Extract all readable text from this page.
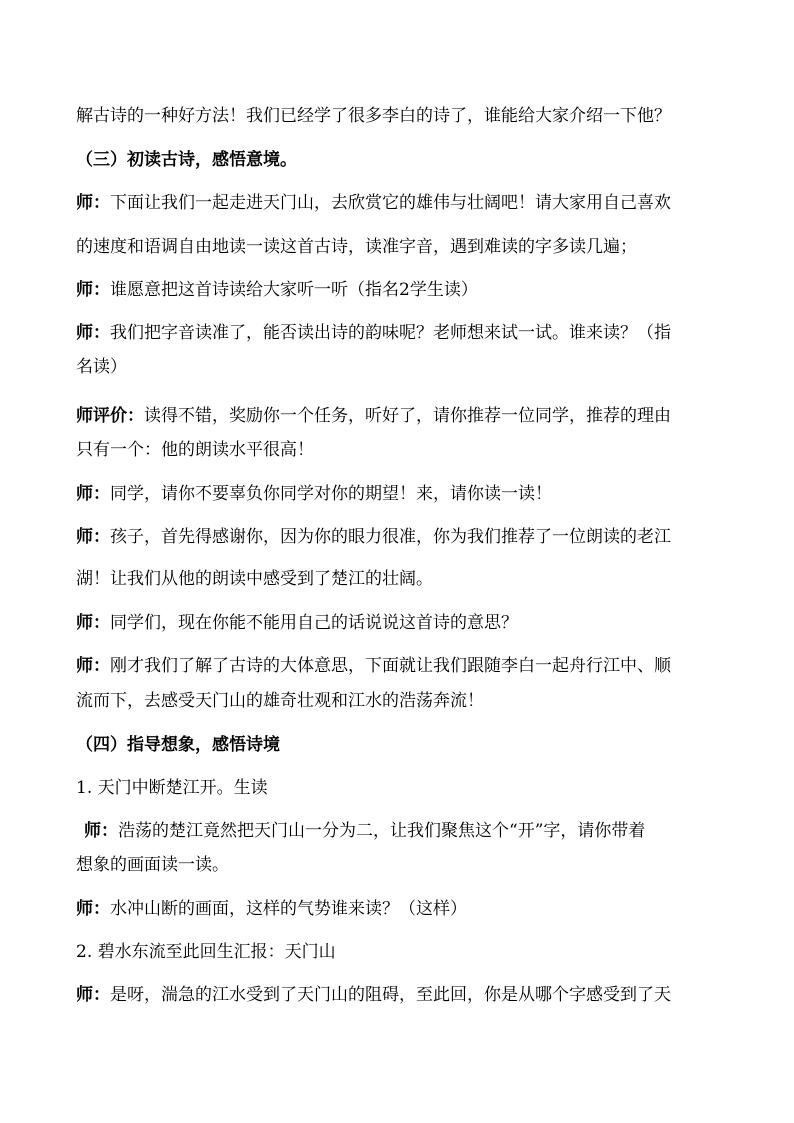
解古诗的一种好方法！我们已经学了很多李白的诗了，谁能给大家介绍一下他？
（三）初读古诗，感悟意境。
师：下面让我们一起走进天门山，去欣赏它的雄伟与壮阔吧！请大家用自己喜欢
的速度和语调自由地读一读这首古诗，读准字音，遇到难读的字多读几遍；
师：谁愿意把这首诗读给大家听一听（指名2学生读）
师：我们把字音读准了，能否读出诗的韵味呢？老师想来试一试。谁来读？（指
名读）
师评价：读得不错，奖励你一个任务，听好了，请你推荐一位同学，推荐的理由
只有一个：他的朗读水平很高！
师：同学，请你不要辜负你同学对你的期望！来，请你读一读！
师：孩子，首先得感谢你，因为你的眼力很准，你为我们推荐了一位朗读的老江
湖！让我们从他的朗读中感受到了楚江的壮阔。
师：同学们，现在你能不能用自己的话说说这首诗的意思？
师：刚才我们了解了古诗的大体意思，下面就让我们跟随李白一起舟行江中、顺
流而下，去感受天门山的雄奇壮观和江水的浩荡奔流！
（四）指导想象，感悟诗境
1. 天门中断楚江开。生读
师：浩荡的楚江竟然把天门山一分为二，让我们聚焦这个“开”字，请你带着
想象的画面读一读。
师：水冲山断的画面，这样的气势谁来读？（这样）
2. 碧水东流至此回生汇报：天门山
师：是呀，湍急的江水受到了天门山的阻碍，至此回，你是从哪个字感受到了天
